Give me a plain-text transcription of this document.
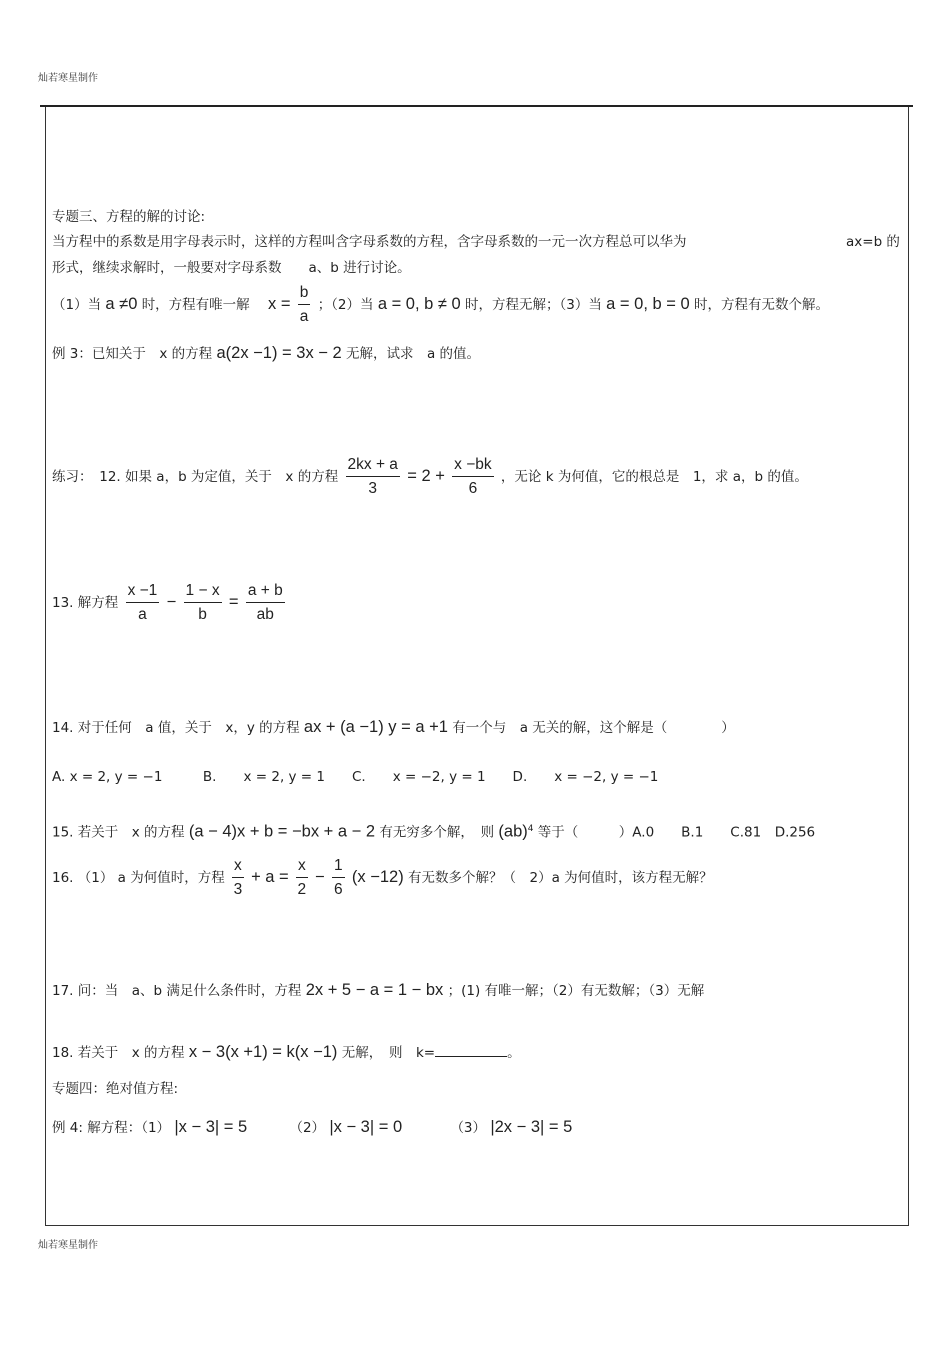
灿若寒星制作
专题三、方程的解的讨论:
当方程中的系数是用字母表示时，这样的方程叫含字母系数的方程，含字母系数的一元一次方程总可以华为	ax=b 的
形式，继续求解时，一般要对字母系数　　a、b 进行讨论。
（1）当 a ≠0 时，方程有唯一解 $x = \frac{b}{a}$ ；（2）当 a = 0, b ≠ 0 时，方程无解；（3）当 a = 0, b = 0 时，方程有无数个解。
例 3：已知关于　x 的方程 a(2x −1) = 3x − 2 无解，试求　a 的值。
练习：　12. 如果 a，b 为定值，关于　x 的方程 $\frac{2kx + a}{3} = 2 + \frac{x -bk}{6}$ ，无论 k 为何值，它的根总是　1，求 a，b 的值。
13. 解方程 $\frac{x -1}{a} - \frac{1 - x}{b} = \frac{a + b}{ab}$
14. 对于任何　a 值，关于　x，y 的方程 ax + (a −1) y = a +1 有一个与　a 无关的解，这个解是（　　　　）
A. x = 2, y = −1　　　B.　　x = 2, y = 1　　C.　　x = −2, y = 1　　D.　　x = −2, y = −1
15. 若关于　x 的方程 (a − 4)x + b = −bx + a − 2 有无穷多个解，　则 (ab)$^4$ 等于（　　　）A.0　　B.1　　C.81　D.256
16. （1） a 为何值时，方程 $\frac{x}{3} + a = \frac{x}{2} - \frac{1}{6} (x -12)$ 有无数多个解？（　2）a 为何值时，该方程无解？
17. 问：当　a、b 满足什么条件时，方程 2x + 5 − a = 1 − bx ；(1) 有唯一解；（2）有无数解；（3）无解
18. 若关于　x 的方程 x − 3(x +1) = k(x −1) 无解，　则　k=	。
专题四：绝对值方程:
例 4: 解方程：（1） |x − 3| = 5	（2） |x − 3| = 0	（3） |2x − 3| = 5
灿若寒星制作
